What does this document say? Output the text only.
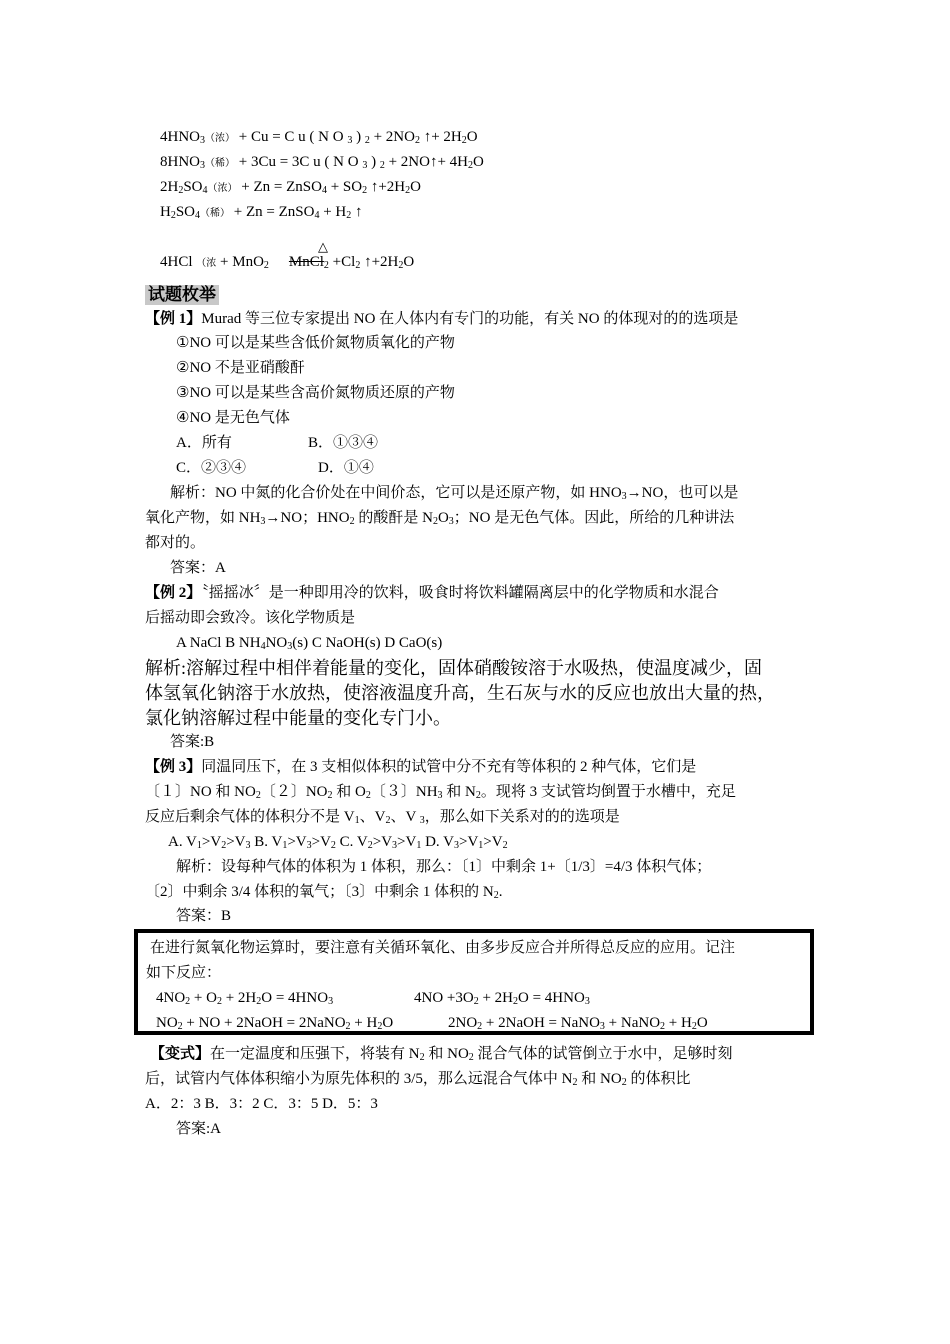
$4HNO_3$（浓） + Cu = C u ( N O $_3$ ) $_2 + 2NO_2$ ↑+ $2H_2O$
$8HNO_3$（稀） + 3Cu = 3C u ( N O $_3$ ) $_2$ + 2NO↑+ $4H_2O$
$2H_2SO_4$（浓） + Zn = ZnSO$_4$ + $SO_2$ $↑+2H_2O$
$H_2SO_4$（稀） + Zn = ZnSO$_4$ + $H_2$ ↑
△
4HCl （浓 + MnO$_2$ MnCl$_2$ $+Cl_2$ $↑+2H_2O$
试题枚举
【例 1】Murad 等三位专家提出 NO 在人体内有专门的功能，有关 NO 的体现对的的选项是
①NO 可以是某些含低价氮物质氧化的产物
②NO 不是亚硝酸酐
③NO 可以是某些含高价氮物质还原的产物
④NO 是无色气体
A．所有	B．①③④
C．②③④	D．①④
解析：NO 中氮的化合价处在中间价态，它可以是还原产物，如 $HNO_3\to NO$，也可以是
氧化产物，如 $NH_3\to NO$；$HNO_2$ 的酸酐是 $N_2O_3$；NO 是无色气体。因此，所给的几种讲法
都对的。
答案：A
【例 2】〝摇摇冰〞是一种即用冷的饮料，吸食时将饮料罐隔离层中的化学物质和水混合
后摇动即会致冷。该化学物质是
A NaCl B $NH_4NO_3(s)$ C NaOH(s) D CaO(s)
解析:溶解过程中相伴着能量的变化，固体硝酸铵溶于水吸热，使温度减少，固
体氢氧化钠溶于水放热，使溶液温度升高，生石灰与水的反应也放出大量的热，
氯化钠溶解过程中能量的变化专门小。
答案:B
【例 3】同温同压下，在 3 支相似体积的试管中分不充有等体积的 2 种气体，它们是
〔１〕NO 和 $NO_2$〔２〕$NO_2$ 和 $O_2$〔３〕$NH_3$ 和 $N_2$。现将 3 支试管均倒置于水槽中，充足
反应后剩余气体的体积分不是 $V_1$、$V_2$、V $_3$，那么如下关系对的的选项是
A. $V_1>V_2>V_3$ B. $V_1>V_3>V_2$ C. $V_2>V_3>V_1$ D. $V_3>V_1>V_2$
解析：设每种气体的体积为 1 体积，那么：〔1〕中剩余 1+〔1/3〕=4/3 体积气体；
〔2〕中剩余 3/4 体积的氧气；〔3〕中剩余 1 体积的 $N_2$.
答案：B
在进行氮氧化物运算时，要注意有关循环氧化、由多步反应合并所得总反应的应用。记注
如下反应：
$4NO_2 + O_2 + 2H_2O = 4HNO_3$	$4NO +3O_2 + 2H_2O = 4HNO_3$
$NO_2$ + NO + 2NaOH = 2NaNO$_2$ + $H_2O$	$2NO_2$ + 2NaOH = NaNO$_3$ + NaNO$_2$ + $H_2O$
【变式】在一定温度和压强下，将装有 $N_2$ 和 $NO_2$ 混合气体的试管倒立于水中，足够时刻
后，试管内气体体积缩小为原先体积的 3/5，那么远混合气体中 $N_2$ 和 $NO_2$ 的体积比
A．2：3 B．3：2 C．3：5 D．5：3
答案:A
